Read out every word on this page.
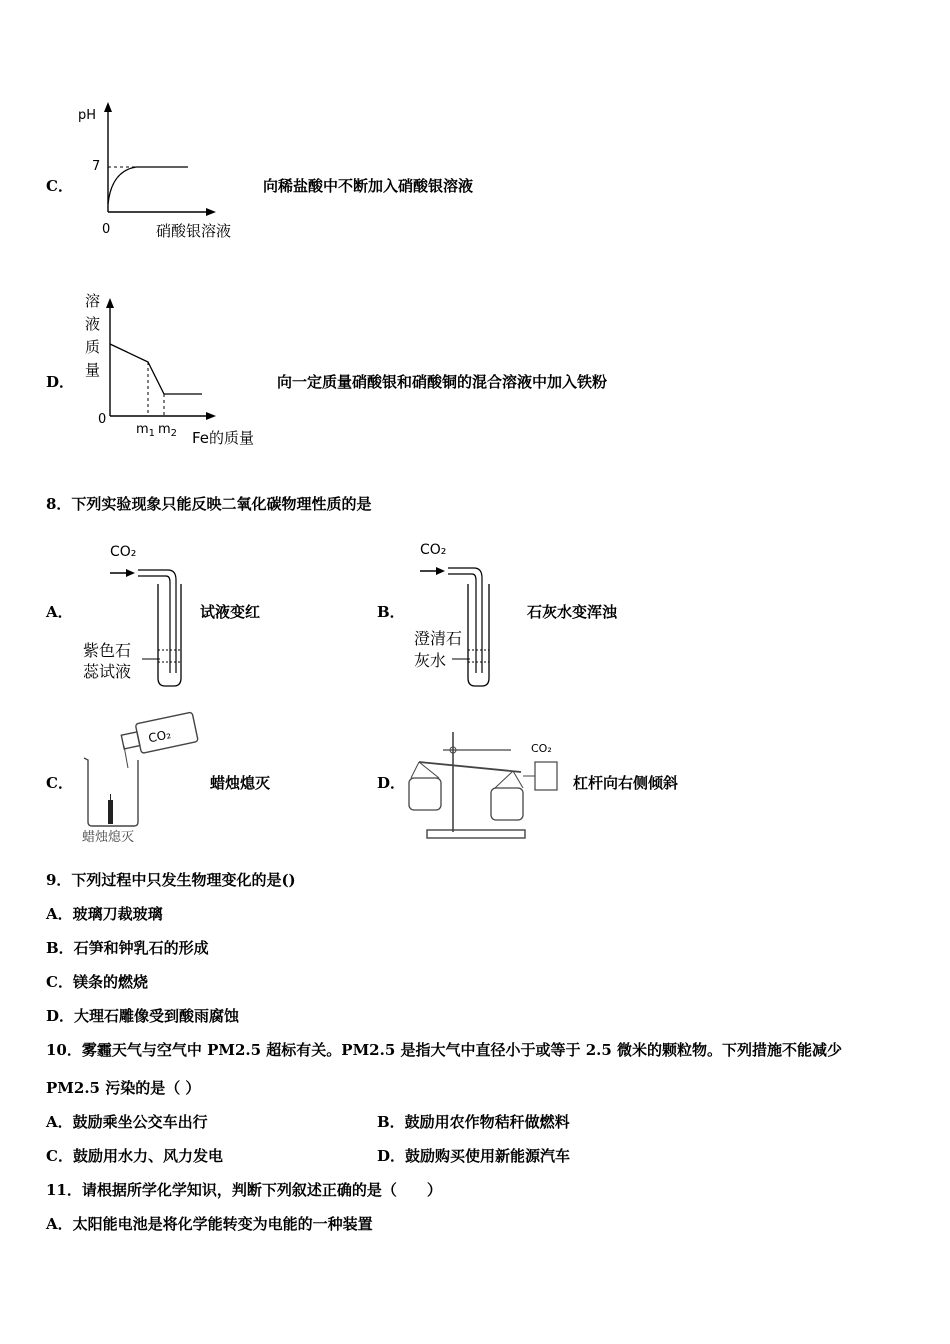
C．
pH
7
0	硝酸银溶液
向稀盐酸中不断加入硝酸银溶液
D．
溶
液
质
量
0
$m_1$ $m_2$ Fe的质量
向一定质量硝酸银和硝酸铜的混合溶液中加入铁粉
8．下列实验现象只能反映二氧化碳物理性质的是
A．
CO₂
紫色石
蕊试液
试液变红	B．
CO₂
澄清石
灰水
石灰水变浑浊
C．
CO₂
蜡烛熄灭
蜡烛熄灭	D．
CO₂
杠杆向右侧倾斜
9．下列过程中只发生物理变化的是()
A．玻璃刀裁玻璃
B．石笋和钟乳石的形成
C．镁条的燃烧
D．大理石雕像受到酸雨腐蚀
10．雾霾天气与空气中 PM2.5 超标有关。PM2.5 是指大气中直径小于或等于 2.5 微米的颗粒物。下列措施不能减少
PM2.5 污染的是（ ）
A．鼓励乘坐公交车出行	B．鼓励用农作物秸秆做燃料
C．鼓励用水力、风力发电	D．鼓励购买使用新能源汽车
11．请根据所学化学知识，判断下列叙述正确的是（　　）
A．太阳能电池是将化学能转变为电能的一种装置
